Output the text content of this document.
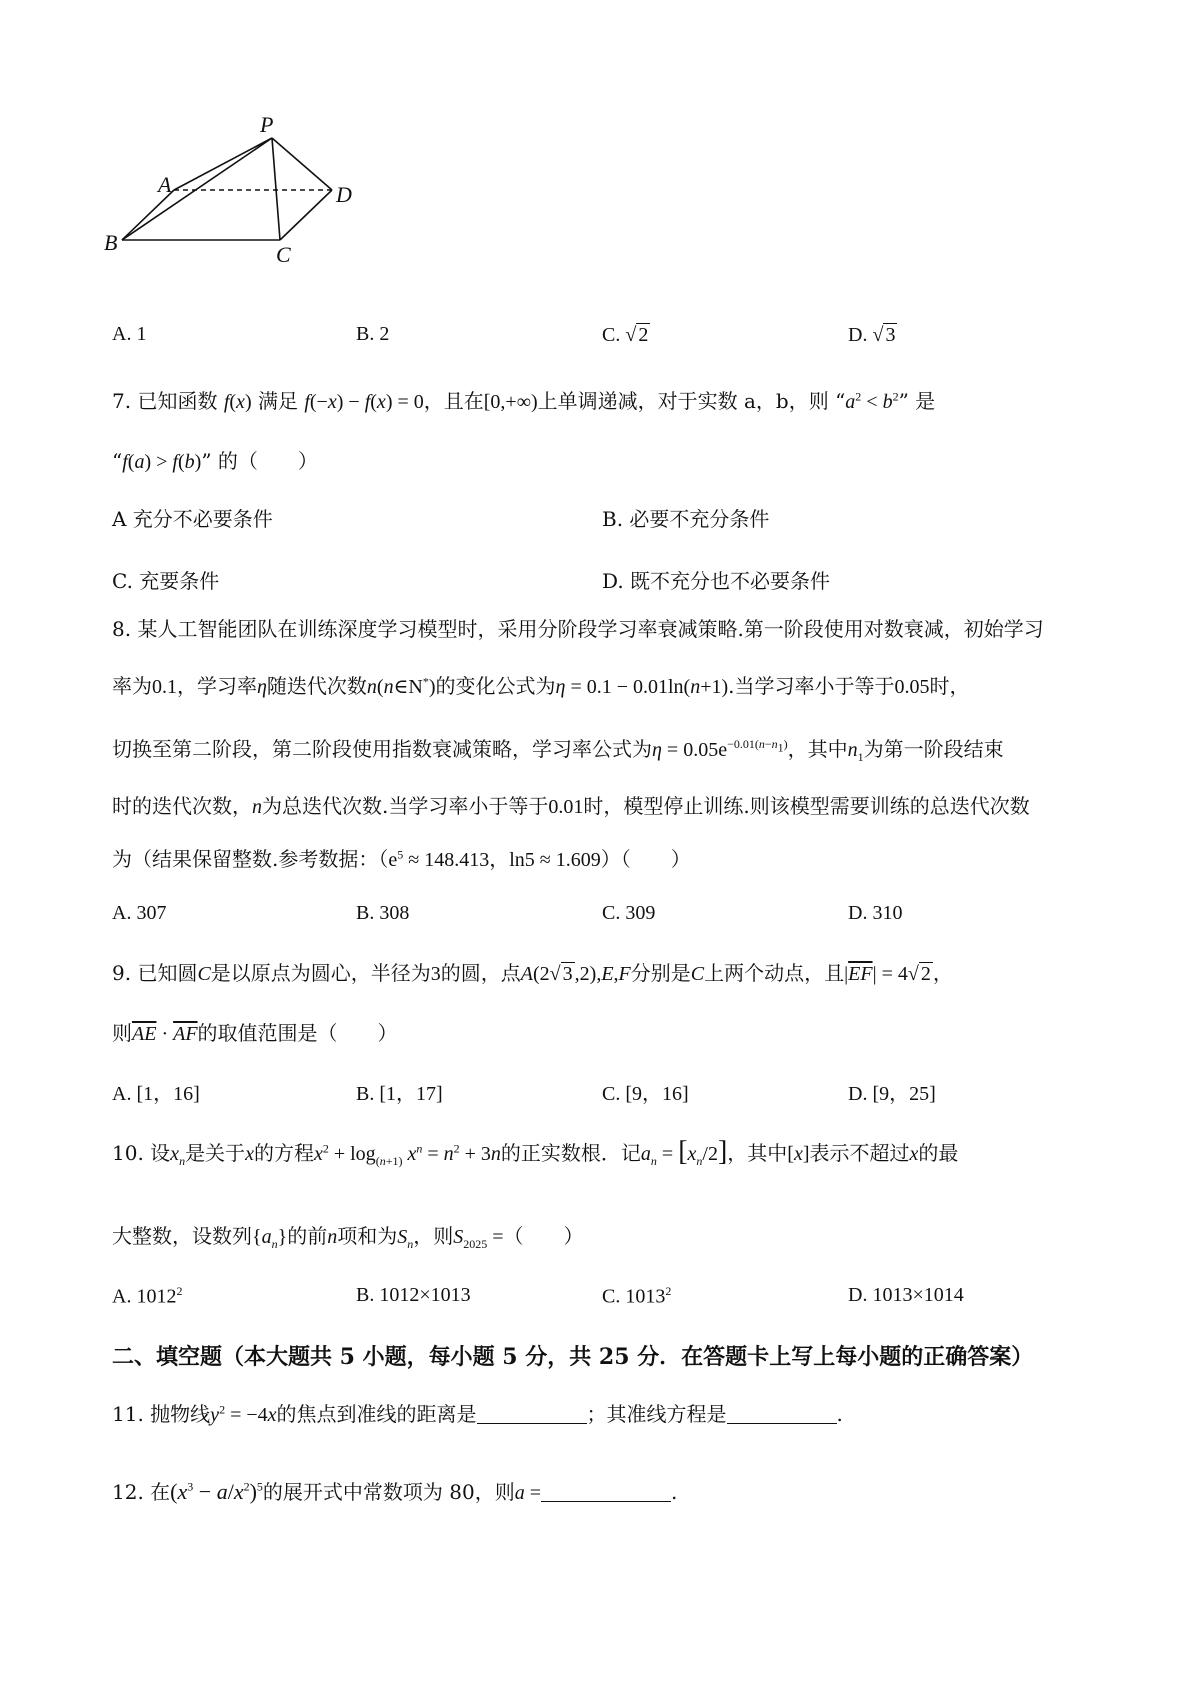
P
A	D
B	C
A. 1	B. 2	C. √ 2	D. √ 3
7. 已知函数 f(x) 满足 f(−x) − f(x) = 0，且在[0,+∞)上单调递减，对于实数 a，b，则 “$a^2 < b^2$” 是
“f(a) > f(b)” 的（　　）
A 充分不必要条件	B. 必要不充分条件
C. 充要条件	D. 既不充分也不必要条件
8. 某人工智能团队在训练深度学习模型时，采用分阶段学习率衰减策略.第一阶段使用对数衰减，初始学习
率为0.1，学习率η随迭代次数n(n∈N*)的变化公式为η = 0.1 − 0.01ln(n+1).当学习率小于等于0.05时，
切换至第二阶段，第二阶段使用指数衰减策略，学习率公式为$\eta = 0.05e^{-0.01(n-n_1)}$，其中$n_1$为第一阶段结束
时的迭代次数，n为总迭代次数.当学习率小于等于0.01时，模型停止训练.则该模型需要训练的总迭代次数
为（结果保留整数.参考数据：（$e^5 \approx 148.413$，ln5 ≈ 1.609）（　　）
A. 307	B. 308	C. 309	D. 310
9. 已知圆C是以原点为圆心，半径为3的圆，点A(2√ 3 ,2),E,F分别是C上两个动点，且$|\overline{EF}| = 4√$ 2 ，
则$\overline{AE} \cdot \overline{AF}$的取值范围是（　　）
A. [1，16]	B. [1，17]	C. [9，16]	D. [9，25]
10. 设$x_n$是关于x的方程$x^2 + \log_{(n+1)} x^n = n^2 + 3n$的正实数根．记$a_n = [x_n/2]$，其中[x]表示不超过x的最
大整数，设数列$\{a_n\}$的前n项和为$S_n$，则$S_{2025}$ =（　　）
A. 1012$^2$	B. 1012×1013	C. 1013$^2$	D. 1013×1014
二、填空题（本大题共 5 小题，每小题 5 分，共 25 分．在答题卡上写上每小题的正确答案）
11. 抛物线$y^2 = -4x$的焦点到准线的距离是	；其准线方程是	.
12. 在$(x^3 - a/x^2)^5$的展开式中常数项为 80，则a =	.
